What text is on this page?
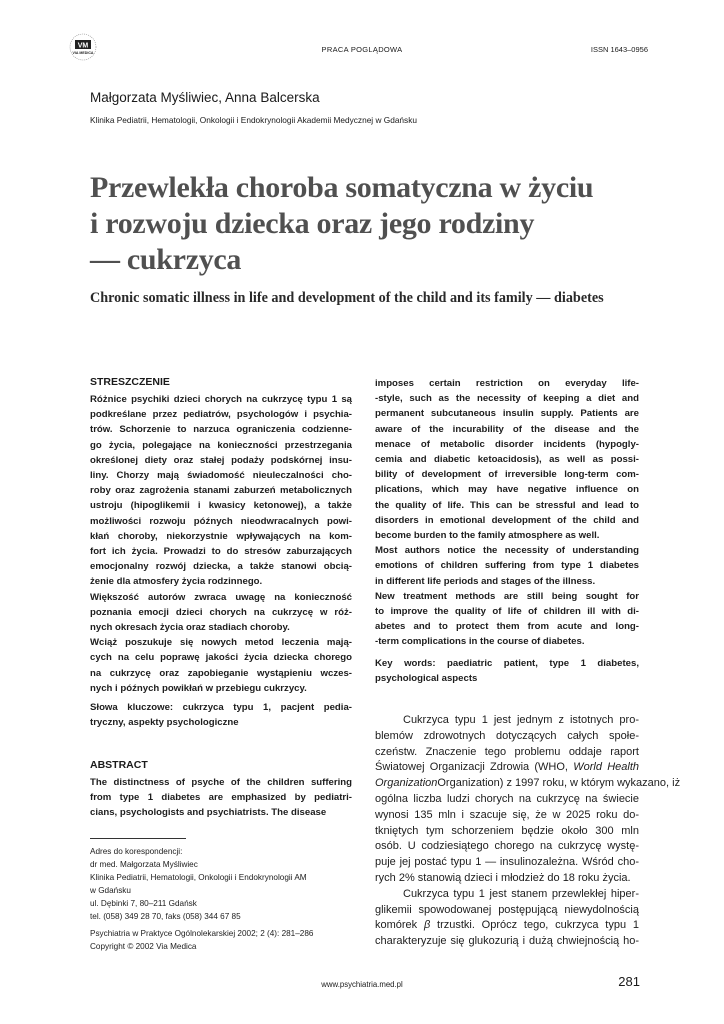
VM
VIA MEDICA	PRACA POGLĄDOWA	ISSN 1643–0956
Małgorzata Myśliwiec, Anna Balcerska
Klinika Pediatrii, Hematologii, Onkologii i Endokrynologii Akademii Medycznej w Gdańsku
Przewlekła choroba somatyczna w życiu
i rozwoju dziecka oraz jego rodziny
— cukrzyca
Chronic somatic illness in life and development of the child and its family — diabetes
STRESZCZENIE
Różnice psychiki dzieci chorych na cukrzycę typu 1 są
podkreślane przez pediatrów, psychologów i psychia-
trów. Schorzenie to narzuca ograniczenia codzienne-
go życia, polegające na konieczności przestrzegania
określonej diety oraz stałej podaży podskórnej insu-
liny. Chorzy mają świadomość nieuleczalności cho-
roby oraz zagrożenia stanami zaburzeń metabolicznych
ustroju (hipoglikemii i kwasicy ketonowej), a także
możliwości rozwoju późnych nieodwracalnych powi-
kłań choroby, niekorzystnie wpływających na kom-
fort ich życia. Prowadzi to do stresów zaburzających
emocjonalny rozwój dziecka, a także stanowi obcią-
żenie dla atmosfery życia rodzinnego.
Większość autorów zwraca uwagę na konieczność
poznania emocji dzieci chorych na cukrzycę w róż-
nych okresach życia oraz stadiach choroby.
Wciąż poszukuje się nowych metod leczenia mają-
cych na celu poprawę jakości życia dziecka chorego
na cukrzycę oraz zapobieganie wystąpieniu wczes-
nych i późnych powikłań w przebiegu cukrzycy.
Słowa kluczowe: cukrzyca typu 1, pacjent pedia-
tryczny, aspekty psychologiczne
ABSTRACT
The distinctness of psyche of the children suffering
from type 1 diabetes are emphasized by pediatri-
cians, psychologists and psychiatrists. The disease
Adres do korespondencji:
dr med. Małgorzata Myśliwiec
Klinika Pediatrii, Hematologii, Onkologii i Endokrynologii AM
w Gdańsku
ul. Dębinki 7, 80–211 Gdańsk
tel. (058) 349 28 70, faks (058) 344 67 85
Psychiatria w Praktyce Ogólnolekarskiej 2002; 2 (4): 281–286
Copyright © 2002 Via Medica
imposes certain restriction on everyday life-
-style, such as the necessity of keeping a diet and
permanent subcutaneous insulin supply. Patients are
aware of the incurability of the disease and the
menace of metabolic disorder incidents (hypogly-
cemia and diabetic ketoacidosis), as well as possi-
bility of development of irreversible long-term com-
plications, which may have negative influence on
the quality of life. This can be stressful and lead to
disorders in emotional development of the child and
become burden to the family atmosphere as well.
Most authors notice the necessity of understanding
emotions of children suffering from type 1 diabetes
in different life periods and stages of the illness.
New treatment methods are still being sought for
to improve the quality of life of children ill with di-
abetes and to protect them from acute and long-
-term complications in the course of diabetes.
Key words: paediatric patient, type 1 diabetes,
psychological aspects
Cukrzyca typu 1 jest jednym z istotnych pro-
blemów zdrowotnych dotyczących całych społe-
czeństw. Znaczenie tego problemu oddaje raport
Światowej Organizacji Zdrowia (WHO, World Health
OrganizationOrganization) z 1997 roku, w którym wykazano, iż
ogólna liczba ludzi chorych na cukrzycę na świecie
wynosi 135 mln i szacuje się, że w 2025 roku do-
tkniętych tym schorzeniem będzie około 300 mln
osób. U codziesiątego chorego na cukrzycę wystę-
puje jej postać typu 1 — insulinozależna. Wśród cho-
rych 2% stanowią dzieci i młodzież do 18 roku życia.
Cukrzyca typu 1 jest stanem przewlekłej hiper-
glikemii spowodowanej postępującą niewydolnością
komórek β trzustki. Oprócz tego, cukrzyca typu 1
charakteryzuje się glukozurią i dużą chwiejnością ho-
www.psychiatria.med.pl	281
